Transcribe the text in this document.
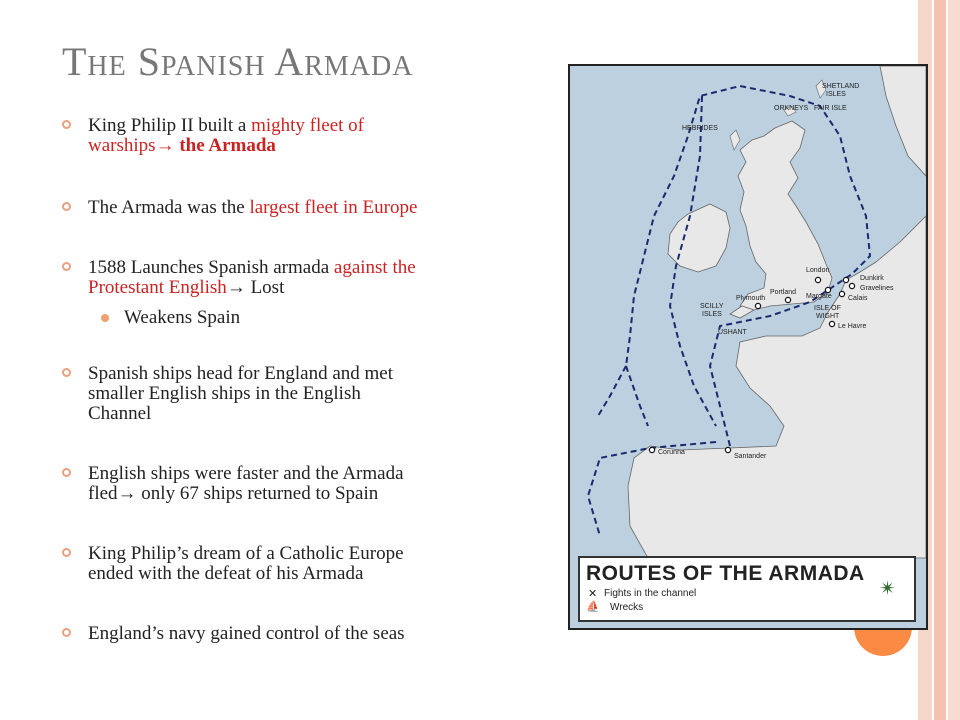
The Spanish Armada
King Philip II built a mighty fleet of
warships→ the Armada
The Armada was the largest fleet in Europe
1588 Launches Spanish armada against the
Protestant English→ Lost
Weakens Spain
Spanish ships head for England and met
smaller English ships in the English
Channel
English ships were faster and the Armada
fled→ only 67 ships returned to Spain
King Philip’s dream of a Catholic Europe
ended with the defeat of his Armada
England’s navy gained control of the seas
SHETLAND
ISLES
ORKNEYS FAIR ISLE
HEBRIDES
London
Dunkirk
Margate
Gravelines
Calais
Portland
ISLE OF
WIGHT
Plymouth
SCILLY
ISLES
Le Havre
USHANT
Corunna
Santander
ROUTES OF THE ARMADA
✕ Fights in the channel
⛵ Wrecks
✴
